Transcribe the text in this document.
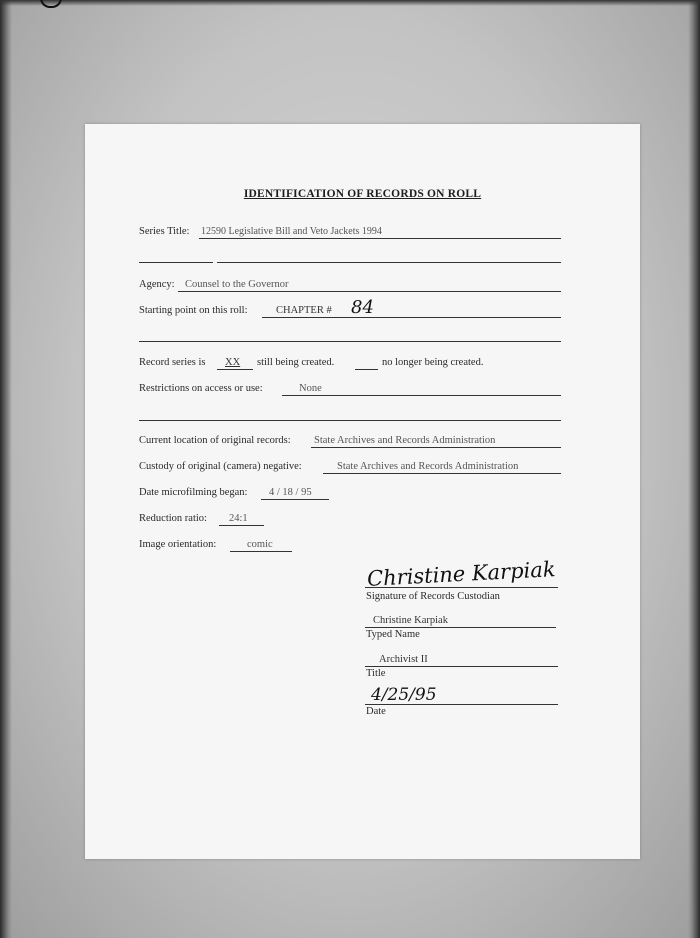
IDENTIFICATION OF RECORDS ON ROLL
Series Title: 12590 Legislative Bill and Veto Jackets 1994
Agency: Counsel to the Governor
Starting point on this roll:	CHAPTER # 84
Record series is XX still being created.	no longer being created.
Restrictions on access or use:	None
Current location of original records: State Archives and Records Administration
Custody of original (camera) negative:	State Archives and Records Administration
Date microfilming began: 4 / 18 / 95
Reduction ratio: 24:1
Image orientation:	comic
Christine Karpiak
Signature of Records Custodian
Christine Karpiak
Typed Name
Archivist II
Title
4/25/95
Date
